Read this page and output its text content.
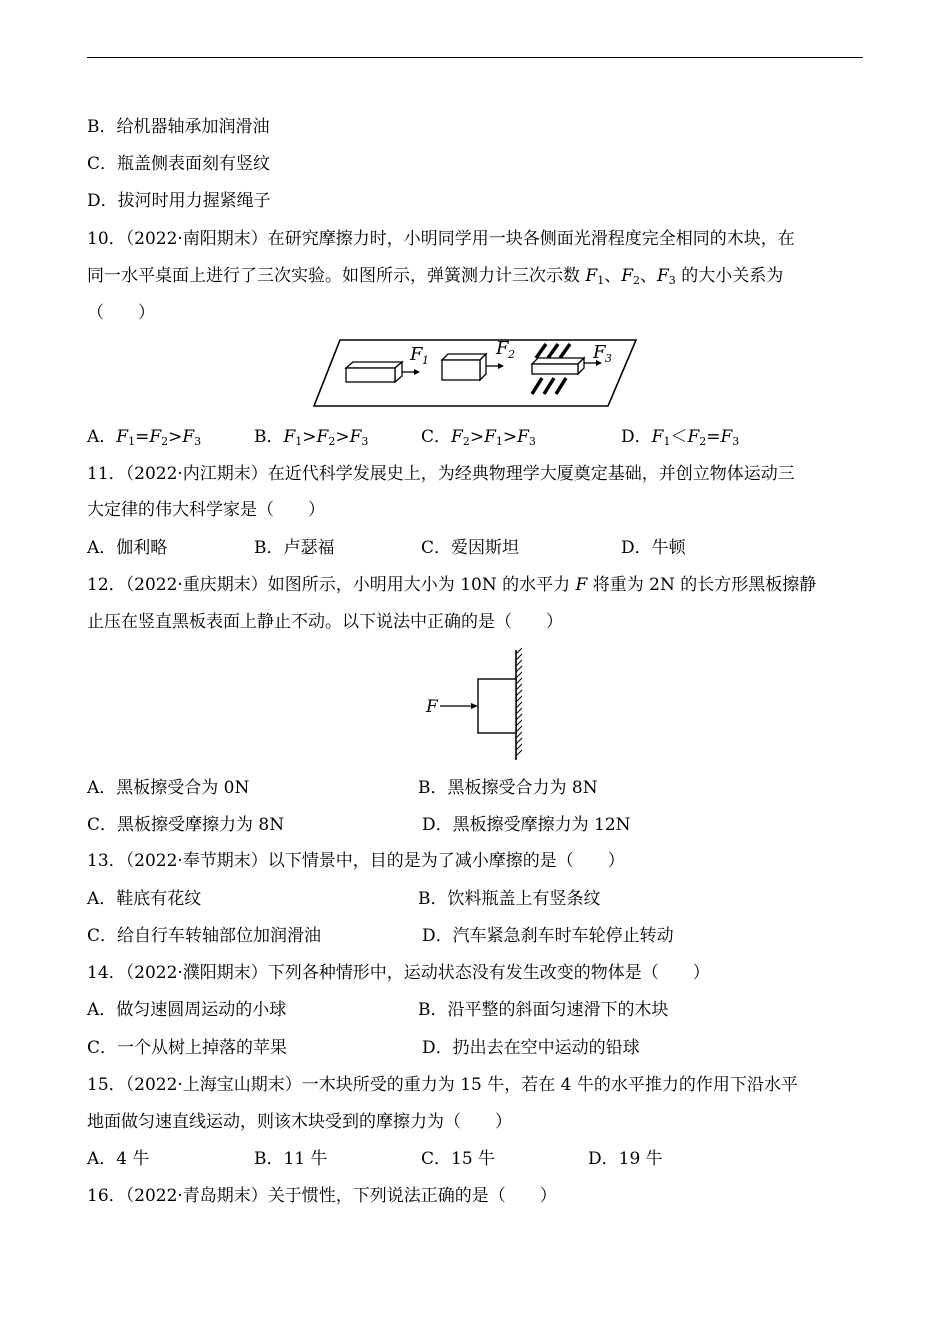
B．给机器轴承加润滑油
C．瓶盖侧表面刻有竖纹
D．拔河时用力握紧绳子
10．（2022·南阳期末）在研究摩擦力时，小明同学用一块各侧面光滑程度完全相同的木块，在
同一水平桌面上进行了三次实验。如图所示，弹簧测力计三次示数 $F_1$、$F_2$、$F_3$ 的大小关系为
（　　）
F 1
F 2	F 3
A．$F_1=F_2>F_3$	B．$F_1>F_2>F_3$	C．$F_2>F_1>F_3$	D．$F_1<F_2=F_3$
11．（2022·内江期末）在近代科学发展史上，为经典物理学大厦奠定基础，并创立物体运动三
大定律的伟大科学家是（　　）
A．伽利略	B．卢瑟福	C．爱因斯坦	D．牛顿
12．（2022·重庆期末）如图所示，小明用大小为 10N 的水平力 F 将重为 2N 的长方形黑板擦静
止压在竖直黑板表面上静止不动。以下说法中正确的是（　　）
F
A．黑板擦受合为 0N	B．黑板擦受合力为 8N
C．黑板擦受摩擦力为 8N	D．黑板擦受摩擦力为 12N
13．（2022·奉节期末）以下情景中，目的是为了减小摩擦的是（　　）
A．鞋底有花纹	B．饮料瓶盖上有竖条纹
C．给自行车转轴部位加润滑油	D．汽车紧急刹车时车轮停止转动
14．（2022·濮阳期末）下列各种情形中，运动状态没有发生改变的物体是（　　）
A．做匀速圆周运动的小球	B．沿平整的斜面匀速滑下的木块
C．一个从树上掉落的苹果	D．扔出去在空中运动的铅球
15．（2022·上海宝山期末）一木块所受的重力为 15 牛，若在 4 牛的水平推力的作用下沿水平
地面做匀速直线运动，则该木块受到的摩擦力为（　　）
A．4 牛	B．11 牛	C．15 牛	D．19 牛
16．（2022·青岛期末）关于惯性，下列说法正确的是（　　）
